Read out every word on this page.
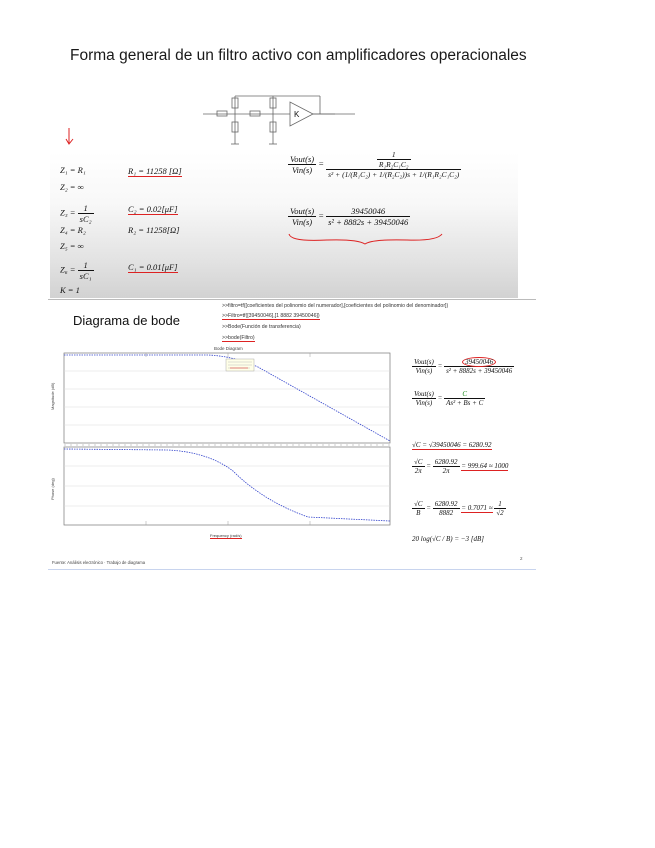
Forma general de un filtro activo con amplificadores operacionales
K
Z₁ = R₁
Z₂ = ∞
$Z_3 = \frac{1}{\text{sC₂}}$
Z₄ = R₂
Z₅ = ∞
$Z_6 = \frac{1}{\text{sC₁}}$
K = 1
R₁ = 11258 [Ω]
C₂ = 0.02[μF]
R₂ = 11258[Ω]
C₁ = 0.01[μF]
$\frac{\text{Vout(s)}}{\text{Vin(s)}} = \frac{\frac{1}{\text{R₁R₂C₁C₂}}}{\text{s² + (1/(R₁C₂) + 1/(R₂C₂))s + 1/(R₁R₂C₁C₂)}}$
$\frac{\text{Vout(s)}}{\text{Vin(s)}} = \frac{39450046}{\text{s² + 8882s + 39450046}}$
Diagrama de bode
>>filtro=tf([coeficientes del polinomio del numerador],[coeficientes del polinomio del denominador])
>>Filtro=tf([39450046],[1 8882 39450046])
>>Bode(Función de transferencia)
>>bode(Filtro)
Bode Diagram
Magnitude (dB)
Phase (deg)
Frequency (rad/s)
$\frac{\text{Vout(s)}}{\text{Vin(s)}} = \frac{39450046}{\text{s² + 8882s + 39450046}}$
$\frac{\text{Vout(s)}}{\text{Vin(s)}} = \frac{C}{\text{As² + Bs + C}}$
√C = √39450046 = 6280.92
$\frac{√C}{2\pi} = \frac{6280.92}{2\pi} = 999.64 \approx 1000$
$\frac{√C}{B} = \frac{6280.92}{8882} = 0.7071 \approx \frac{1}{√2}$
20 log(√C / B) = −3 [dB]
Fuente: Análisis electrónico · Trabajo de diagrama
2
